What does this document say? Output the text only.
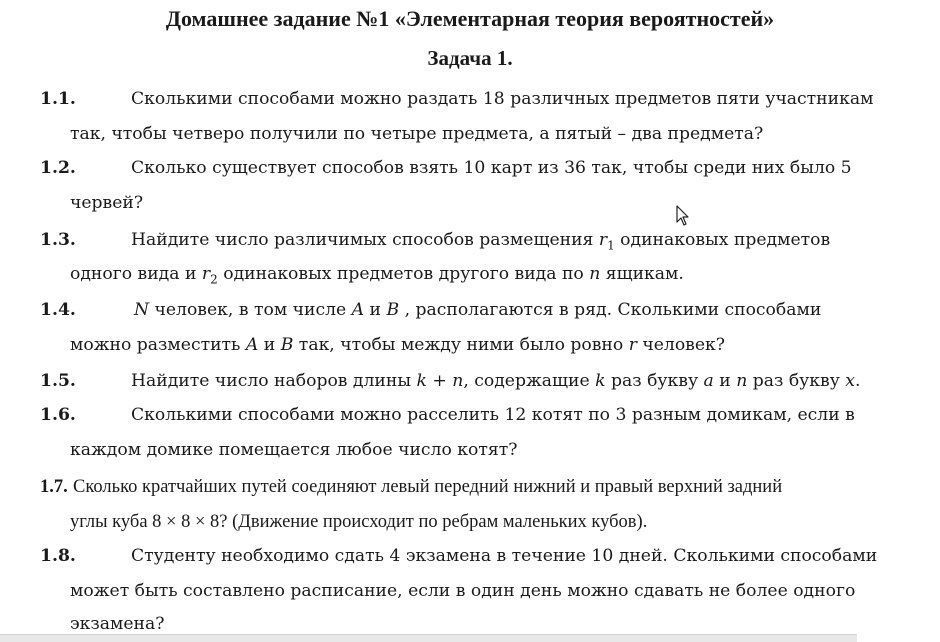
Домашнее задание №1 «Элементарная теория вероятностей»
Задача 1.
1.1.	Сколькими способами можно раздать 18 различных предметов пяти участникам
так, чтобы четверо получили по четыре предмета, а пятый – два предмета?
1.2.	Сколько существует способов взять 10 карт из 36 так, чтобы среди них было 5
червей?
1.3.	Найдите число различимых способов размещения $r_1$ одинаковых предметов
одного вида и $r_2$ одинаковых предметов другого вида по n ящикам.
1.4.	N человек, в том числе A и B , располагаются в ряд. Сколькими способами
можно разместить A и B так, чтобы между ними было ровно r человек?
1.5.	Найдите число наборов длины k + n, содержащие k раз букву a и n раз букву x.
1.6.	Сколькими способами можно расселить 12 котят по 3 разным домикам, если в
каждом домике помещается любое число котят?
1.7. Сколько кратчайших путей соединяют левый передний нижний и правый верхний задний
углы куба 8 × 8 × 8? (Движение происходит по ребрам маленьких кубов).
1.8.	Студенту необходимо сдать 4 экзамена в течение 10 дней. Сколькими способами
может быть составлено расписание, если в один день можно сдавать не более одного
экзамена?
